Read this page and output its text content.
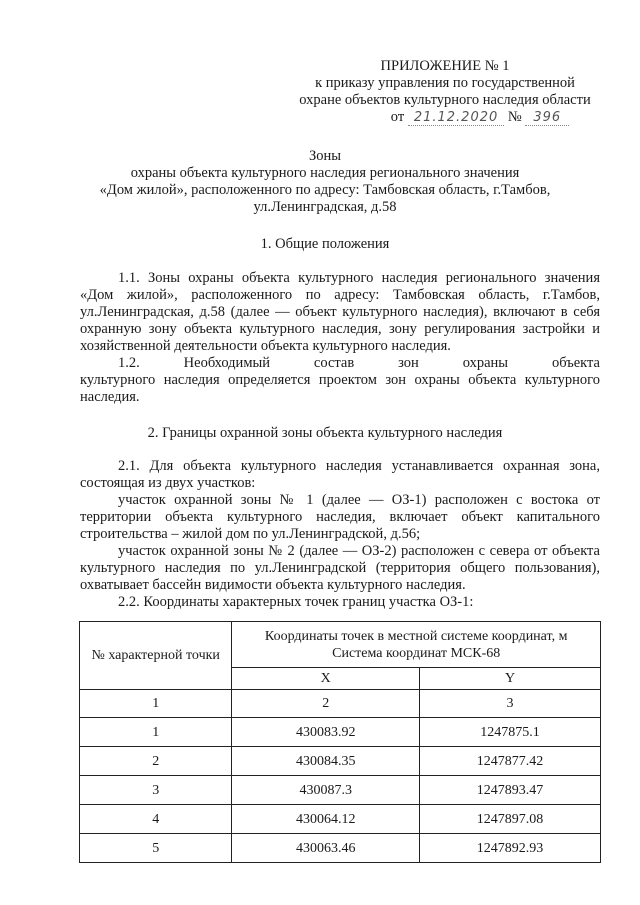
ПРИЛОЖЕНИЕ № 1
к приказу управления по государственной
охране объектов культурного наследия области
от 21.12.2020 № 396
Зоны
охраны объекта культурного наследия регионального значения
«Дом жилой», расположенного по адресу: Тамбовская область, г.Тамбов,
ул.Ленинградская, д.58
1. Общие положения
1.1. Зоны охраны объекта культурного наследия регионального значения «Дом жилой», расположенного по адресу: Тамбовская область, г.Тамбов, ул.Ленинградская, д.58 (далее — объект культурного наследия), включают в себя охранную зону объекта культурного наследия, зону регулирования застройки и хозяйственной деятельности объекта культурного наследия.
1.2.	Необходимый	состав	зон	охраны	объекта
культурного наследия определяется проектом зон охраны объекта культурного наследия.
2. Границы охранной зоны объекта культурного наследия
2.1. Для объекта культурного наследия устанавливается охранная зона, состоящая из двух участков:
участок охранной зоны № 1 (далее — ОЗ-1) расположен с востока от территории объекта культурного наследия, включает объект капитального строительства – жилой дом по ул.Ленинградской, д.56;
участок охранной зоны № 2 (далее — ОЗ-2) расположен с севера от объекта культурного наследия по ул.Ленинградской (территория общего пользования), охватывает бассейн видимости объекта культурного наследия.
2.2. Координаты характерных точек границ участка ОЗ-1:
№ характерной точки	Координаты точек в местной системе координат, м
Система координат МСК-68	

	X	Y
1	2	3
1	430083.92	1247875.1
2	430084.35	1247877.42
3	430087.3	1247893.47
4	430064.12	1247897.08
5	430063.46	1247892.93
